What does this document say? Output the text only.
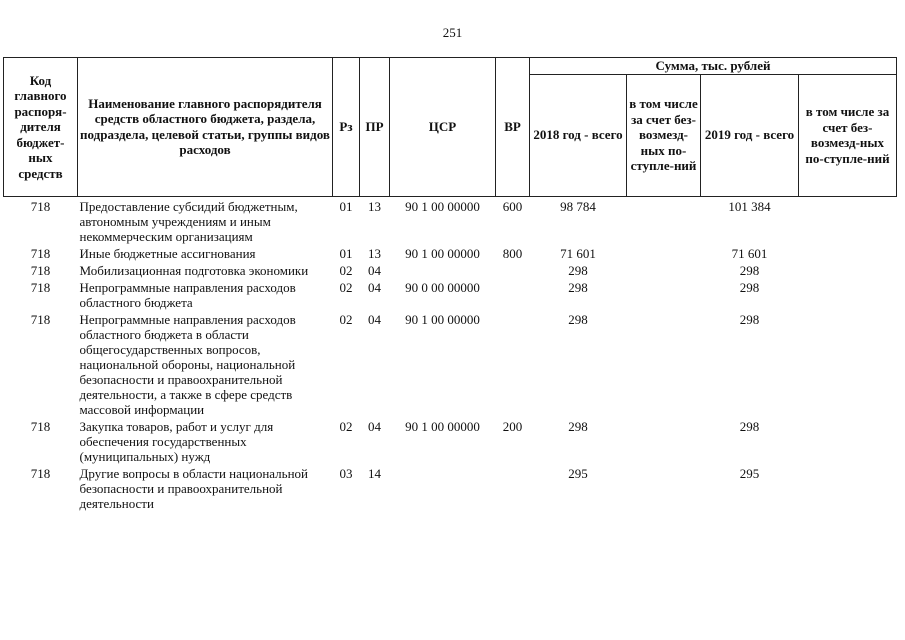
251
Код главного распоря-дителя бюджет-ных средств	Наименование главного распорядителя средств областного бюджета, раздела, подраздела, целевой статьи, группы видов расходов	Рз	ПР	ЦСР	ВР	Сумма, тыс. рублей			
						2018 год - всего	в том числе за счет без-возмезд-ных по-ступле-ний	2019 год - всего	в том числе за счет без-возмезд-ных по-ступле-ний
718	Предоставление субсидий бюджетным, автономным учреждениям и иным некоммерческим организациям	01	13	90 1 00 00000	600	98 784		101 384	
718	Иные бюджетные ассигнования	01	13	90 1 00 00000	800	71 601		71 601	
718	Мобилизационная подготовка экономики	02	04			298		298	
718	Непрограммные направления расходов областного бюджета	02	04	90 0 00 00000		298		298	
718	Непрограммные направления расходов областного бюджета в области общегосударственных вопросов, национальной обороны, национальной безопасности и правоохранительной деятельности, а также в сфере средств массовой информации	02	04	90 1 00 00000		298		298	
718	Закупка товаров, работ и услуг для обеспечения государственных (муниципальных) нужд	02	04	90 1 00 00000	200	298		298	
718	Другие вопросы в области национальной безопасности и правоохранительной деятельности	03	14			295		295	
